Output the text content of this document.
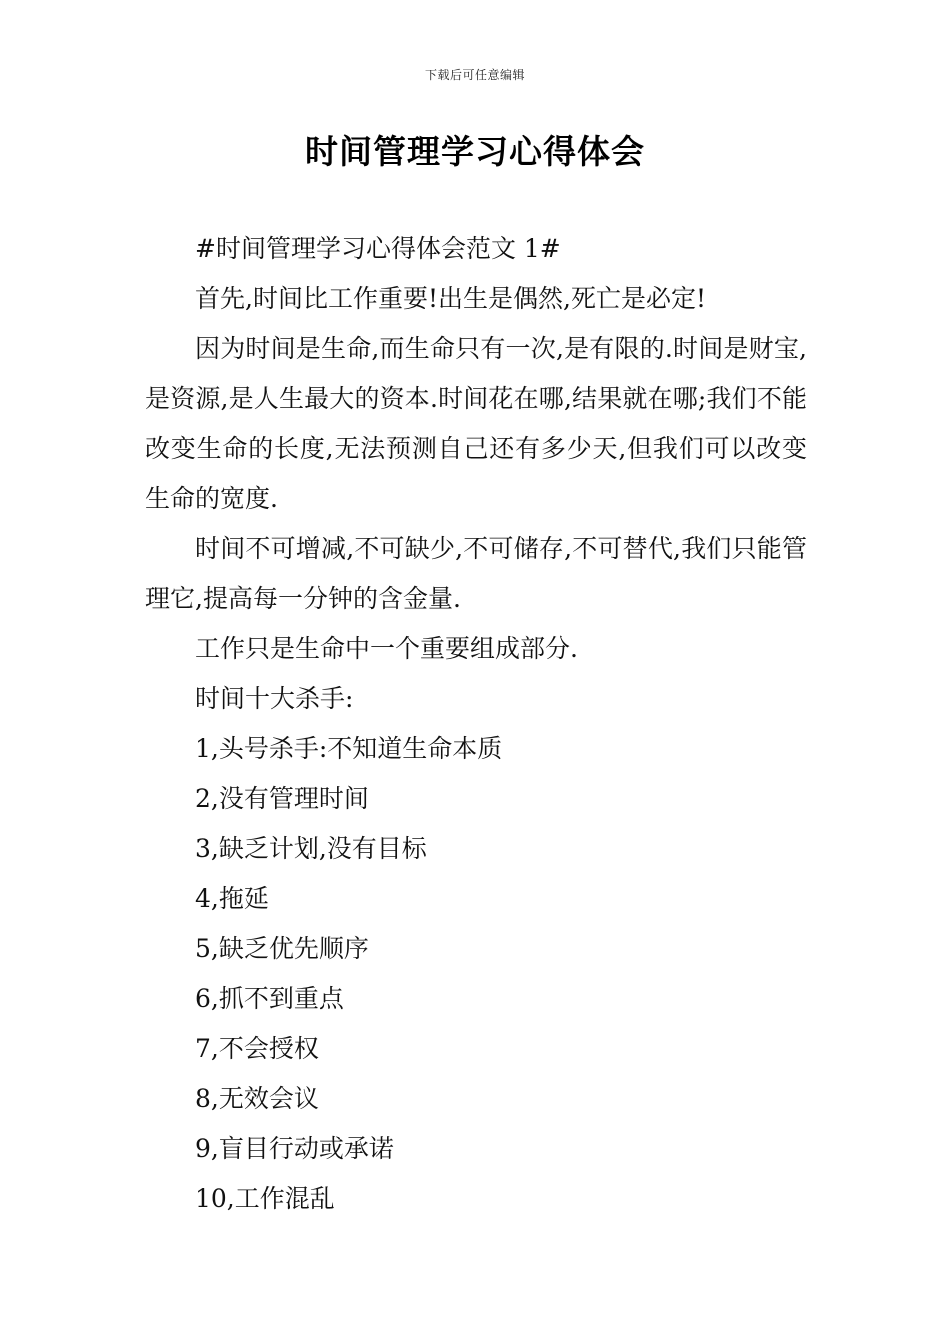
下载后可任意编辑
时间管理学习心得体会

#时间管理学习心得体会范文 1#

首先,时间比工作重要!出生是偶然,死亡是必定!

因为时间是生命,而生命只有一次,是有限的.时间是财宝,是资源,是人生最大的资本.时间花在哪,结果就在哪;我们不能改变生命的长度,无法预测自己还有多少天,但我们可以改变生命的宽度.

时间不可增减,不可缺少,不可储存,不可替代,我们只能管理它,提高每一分钟的含金量.

工作只是生命中一个重要组成部分.

时间十大杀手:

1,头号杀手:不知道生命本质
2,没有管理时间
3,缺乏计划,没有目标
4,拖延
5,缺乏优先顺序
6,抓不到重点
7,不会授权
8,无效会议
9,盲目行动或承诺
10,工作混乱
